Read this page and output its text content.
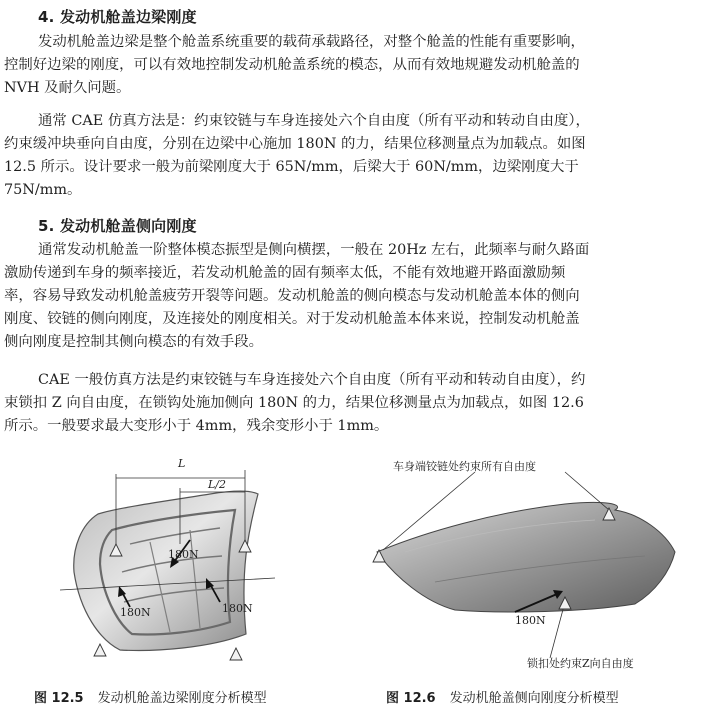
4. 发动机舱盖边梁刚度
发动机舱盖边梁是整个舱盖系统重要的载荷承载路径，对整个舱盖的性能有重要影响，
控制好边梁的刚度，可以有效地控制发动机舱盖系统的模态，从而有效地规避发动机舱盖的
NVH 及耐久问题。
通常 CAE 仿真方法是：约束铰链与车身连接处六个自由度（所有平动和转动自由度），
约束缓冲块垂向自由度，分别在边梁中心施加 180N 的力，结果位移测量点为加载点。如图
12.5 所示。设计要求一般为前梁刚度大于 65N/mm，后梁大于 60N/mm，边梁刚度大于
75N/mm。
5. 发动机舱盖侧向刚度
通常发动机舱盖一阶整体模态振型是侧向横摆，一般在 20Hz 左右，此频率与耐久路面
激励传递到车身的频率接近，若发动机舱盖的固有频率太低，不能有效地避开路面激励频
率，容易导致发动机舱盖疲劳开裂等问题。发动机舱盖的侧向模态与发动机舱盖本体的侧向
刚度、铰链的侧向刚度，及连接处的刚度相关。对于发动机舱盖本体来说，控制发动机舱盖
侧向刚度是控制其侧向模态的有效手段。
CAE 一般仿真方法是约束铰链与车身连接处六个自由度（所有平动和转动自由度），约
束锁扣 Z 向自由度，在锁钩处施加侧向 180N 的力，结果位移测量点为加载点，如图 12.6
所示。一般要求最大变形小于 4mm，残余变形小于 1mm。
L
L/2
180N
180N	180N
车身端铰链处约束所有自由度
180N
锁扣处约束Z向自由度
图 12.5 发动机舱盖边梁刚度分析模型	图 12.6 发动机舱盖侧向刚度分析模型
